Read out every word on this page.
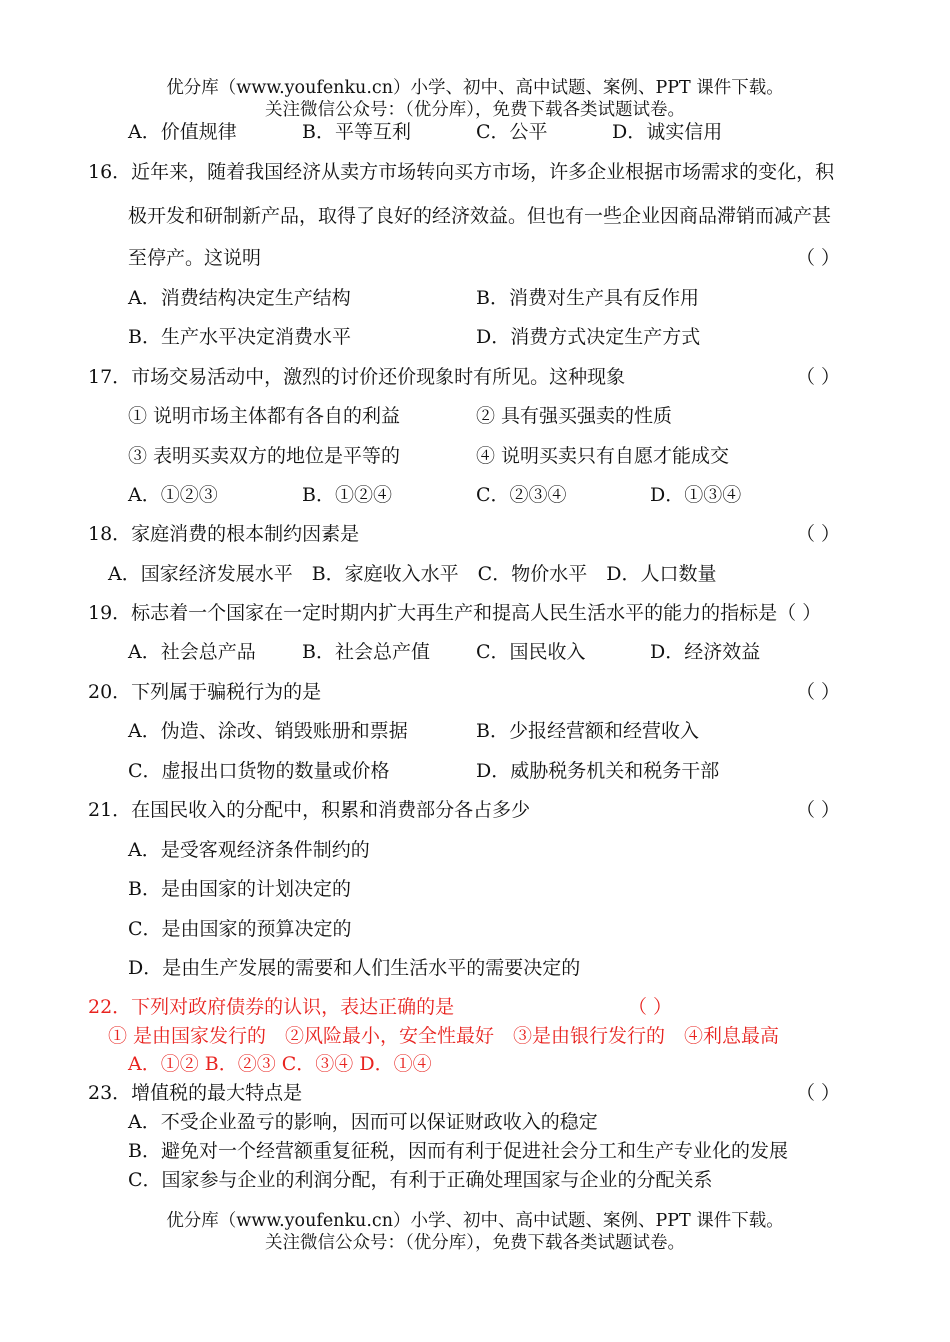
优分库（www.youfenku.cn）小学、初中、高中试题、案例、PPT 课件下载。
关注微信公众号：（优分库），免费下载各类试题试卷。
A．价值规律	B．平等互利	C．公平	D．诚实信用
16．近年来，随着我国经济从卖方市场转向买方市场，许多企业根据市场需求的变化，积
极开发和研制新产品，取得了良好的经济效益。但也有一些企业因商品滞销而减产甚
至停产。这说明	（ ）
A．消费结构决定生产结构	B．消费对生产具有反作用
B．生产水平决定消费水平	D．消费方式决定生产方式
17．市场交易活动中，激烈的讨价还价现象时有所见。这种现象	（ ）
① 说明市场主体都有各自的利益	② 具有强买强卖的性质
③ 表明买卖双方的地位是平等的	④ 说明买卖只有自愿才能成交
A．①②③	B．①②④	C．②③④	D．①③④
18．家庭消费的根本制约因素是	（ ）
A．国家经济发展水平　B．家庭收入水平　C．物价水平　D．人口数量
19．标志着一个国家在一定时期内扩大再生产和提高人民生活水平的能力的指标是（ ）
A．社会总产品 B．社会总产值 C．国民收入	D．经济效益
20．下列属于骗税行为的是	（ ）
A．伪造、涂改、销毁账册和票据	B．少报经营额和经营收入
C．虚报出口货物的数量或价格	D．威胁税务机关和税务干部
21．在国民收入的分配中，积累和消费部分各占多少	（ ）
A．是受客观经济条件制约的
B．是由国家的计划决定的
C．是由国家的预算决定的
D．是由生产发展的需要和人们生活水平的需要决定的
22．下列对政府债券的认识，表达正确的是	（ ）
① 是由国家发行的　②风险最小，安全性最好　③是由银行发行的　④利息最高
A．①② B．②③ C．③④ D．①④
23．增值税的最大特点是	（ ）
A．不受企业盈亏的影响，因而可以保证财政收入的稳定
B．避免对一个经营额重复征税，因而有利于促进社会分工和生产专业化的发展
C．国家参与企业的利润分配，有利于正确处理国家与企业的分配关系
优分库（www.youfenku.cn）小学、初中、高中试题、案例、PPT 课件下载。
关注微信公众号：（优分库），免费下载各类试题试卷。
